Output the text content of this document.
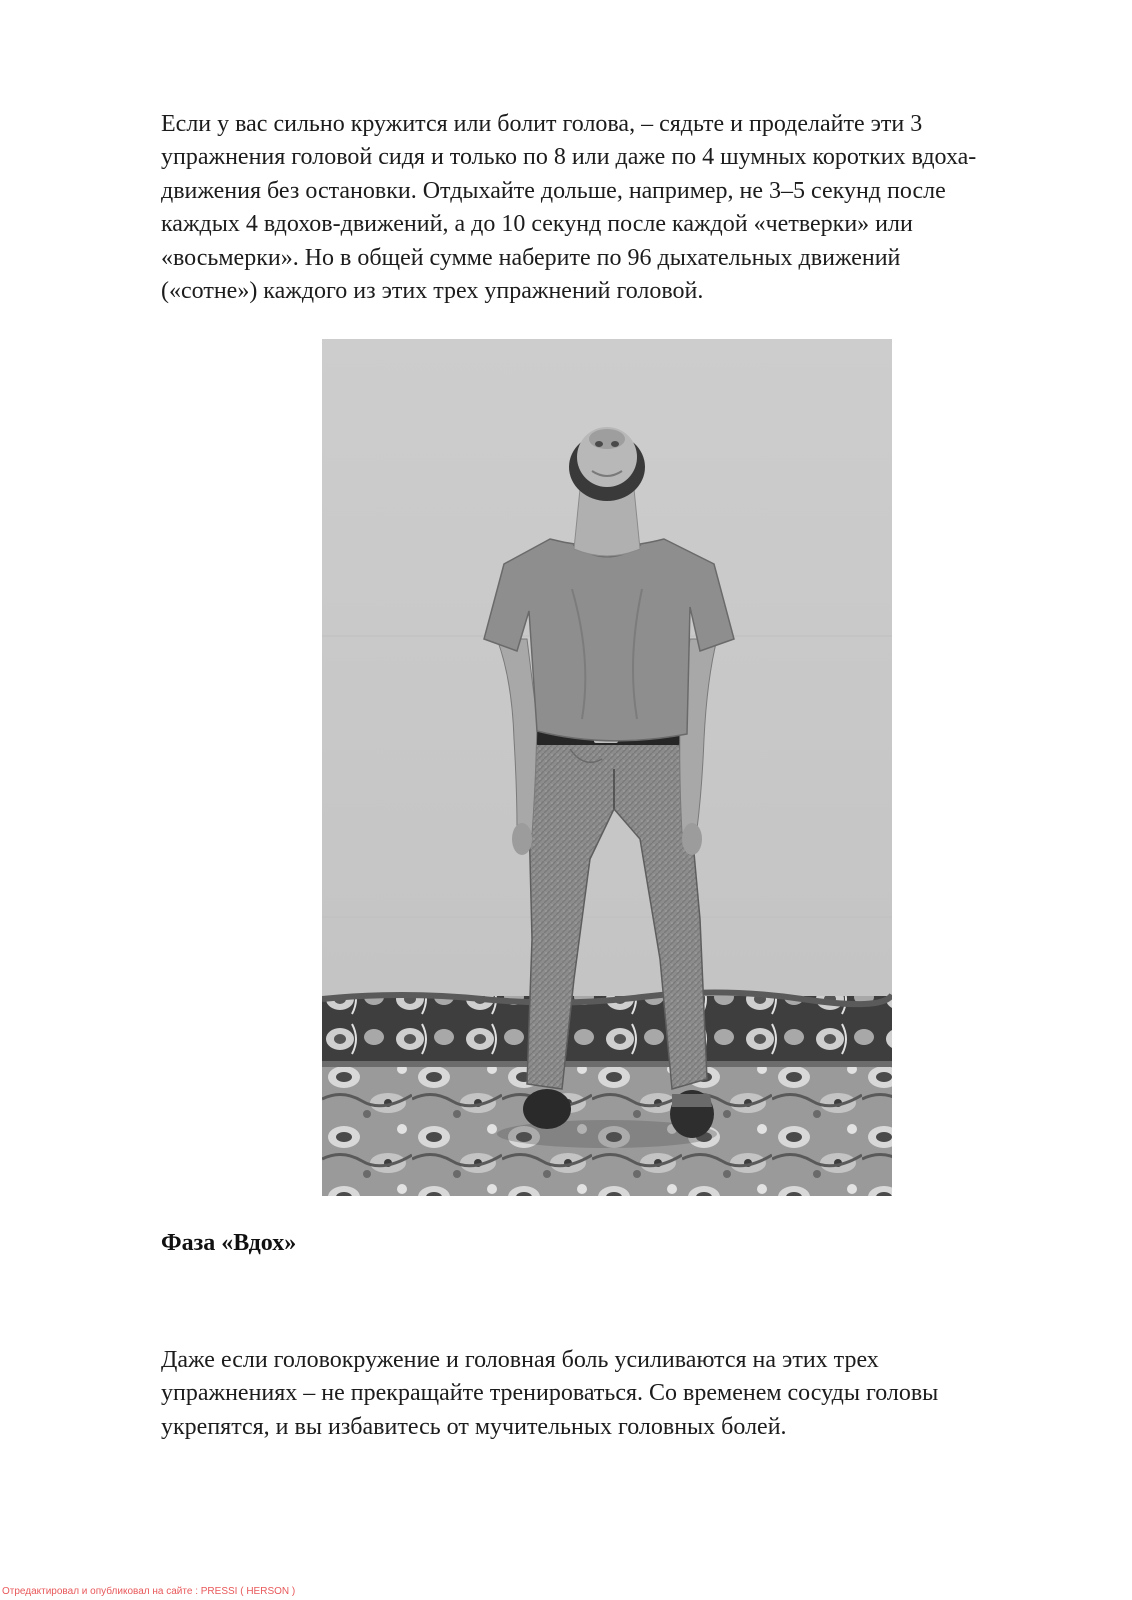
Если у вас сильно кружится или болит голова, – сядьте и проделайте эти 3
упражнения головой сидя и только по 8 или даже по 4 шумных коротких вдоха-
движения без остановки. Отдыхайте дольше, например, не 3–5 секунд после
каждых 4 вдохов-движений, а до 10 секунд после каждой «четверки» или
«восьмерки». Но в общей сумме наберите по 96 дыхательных движений
(«сотне») каждого из этих трех упражнений головой.

Фаза «Вдох»

Даже если головокружение и головная боль усиливаются на этих трех
упражнениях – не прекращайте тренироваться. Со временем сосуды головы
укрепятся, и вы избавитесь от мучительных головных болей.

Отредактировал и опубликовал на сайте : PRESSI ( HERSON )
